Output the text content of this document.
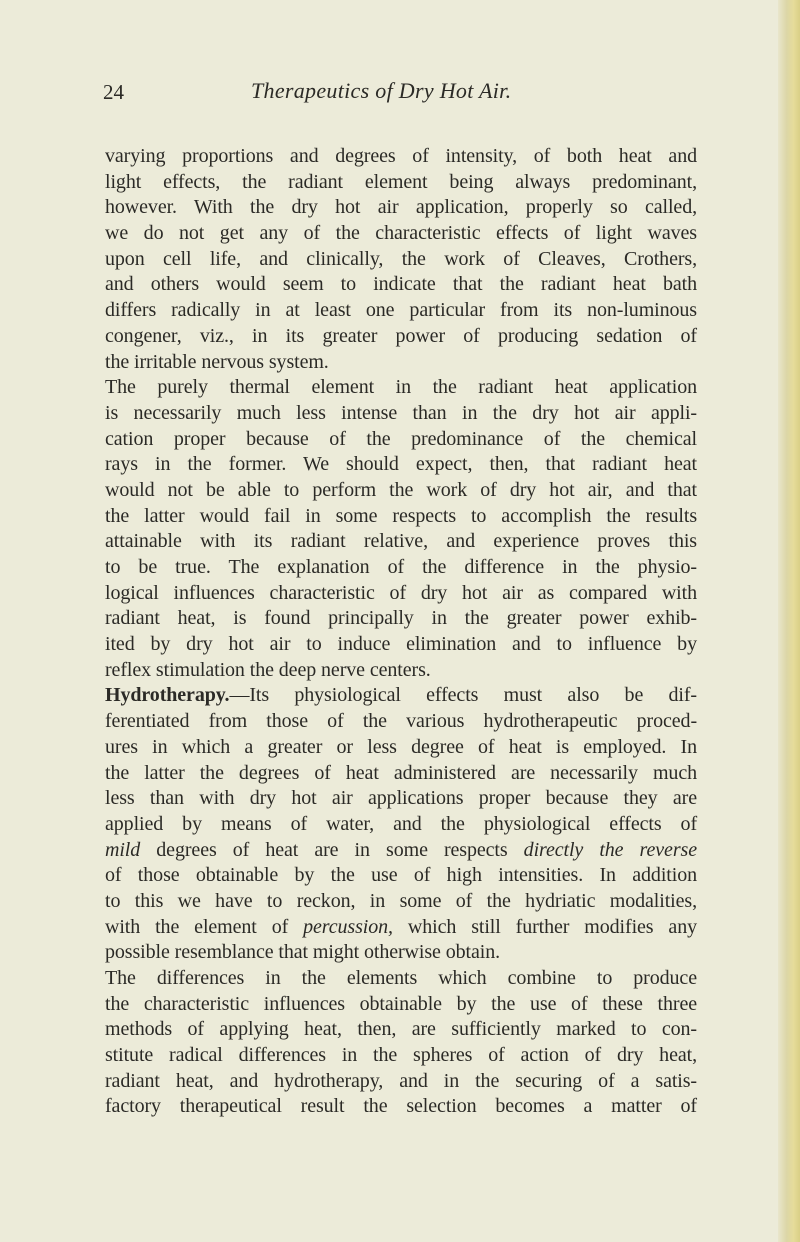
24	Therapeutics of Dry Hot Air.
varying proportions and degrees of intensity, of both heat and
light effects, the radiant element being always predominant,
however. With the dry hot air application, properly so called,
we do not get any of the characteristic effects of light waves
upon cell life, and clinically, the work of Cleaves, Crothers,
and others would seem to indicate that the radiant heat bath
differs radically in at least one particular from its non-luminous
congener, viz., in its greater power of producing sedation of
the irritable nervous system.
The purely thermal element in the radiant heat application
is necessarily much less intense than in the dry hot air appli-
cation proper because of the predominance of the chemical
rays in the former. We should expect, then, that radiant heat
would not be able to perform the work of dry hot air, and that
the latter would fail in some respects to accomplish the results
attainable with its radiant relative, and experience proves this
to be true. The explanation of the difference in the physio-
logical influences characteristic of dry hot air as compared with
radiant heat, is found principally in the greater power exhib-
ited by dry hot air to induce elimination and to influence by
reflex stimulation the deep nerve centers.
Hydrotherapy.—Its physiological effects must also be dif-
ferentiated from those of the various hydrotherapeutic proced-
ures in which a greater or less degree of heat is employed. In
the latter the degrees of heat administered are necessarily much
less than with dry hot air applications proper because they are
applied by means of water, and the physiological effects of
mild degrees of heat are in some respects directly the reverse
of those obtainable by the use of high intensities. In addition
to this we have to reckon, in some of the hydriatic modalities,
with the element of percussion, which still further modifies any
possible resemblance that might otherwise obtain.
The differences in the elements which combine to produce
the characteristic influences obtainable by the use of these three
methods of applying heat, then, are sufficiently marked to con-
stitute radical differences in the spheres of action of dry heat,
radiant heat, and hydrotherapy, and in the securing of a satis-
factory therapeutical result the selection becomes a matter of
